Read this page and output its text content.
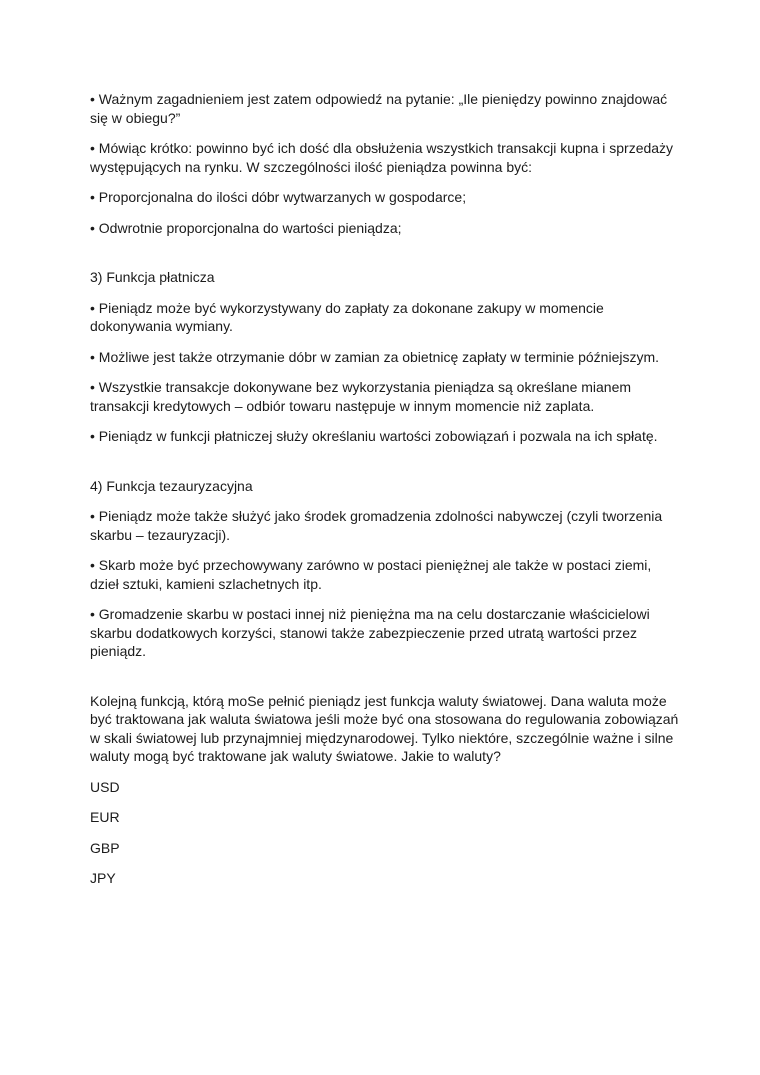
• Ważnym zagadnieniem jest zatem odpowiedź na pytanie: „Ile pieniędzy powinno znajdować się w obiegu?”

• Mówiąc krótko: powinno być ich dość dla obsłużenia wszystkich transakcji kupna i sprzedaży występujących na rynku. W szczególności ilość pieniądza powinna być:

• Proporcjonalna do ilości dóbr wytwarzanych w gospodarce;

• Odwrotnie proporcjonalna do wartości pieniądza;

3) Funkcja płatnicza

• Pieniądz może być wykorzystywany do zapłaty za dokonane zakupy w momencie dokonywania wymiany.

• Możliwe jest także otrzymanie dóbr w zamian za obietnicę zapłaty w terminie późniejszym.

• Wszystkie transakcje dokonywane bez wykorzystania pieniądza są określane mianem transakcji kredytowych – odbiór towaru następuje w innym momencie niż zaplata.

• Pieniądz w funkcji płatniczej służy określaniu wartości zobowiązań i pozwala na ich spłatę.

4) Funkcja tezauryzacyjna

• Pieniądz może także służyć jako środek gromadzenia zdolności nabywczej (czyli tworzenia skarbu – tezauryzacji).

• Skarb może być przechowywany zarówno w postaci pieniężnej ale także w postaci ziemi, dzieł sztuki, kamieni szlachetnych itp.

• Gromadzenie skarbu w postaci innej niż pieniężna ma na celu dostarczanie właścicielowi skarbu dodatkowych korzyści, stanowi także zabezpieczenie przed utratą wartości przez pieniądz.

Kolejną funkcją, którą moSe pełnić pieniądz jest funkcja waluty światowej. Dana waluta może być traktowana jak waluta światowa jeśli może być ona stosowana do regulowania zobowiązań w skali światowej lub przynajmniej międzynarodowej. Tylko niektóre, szczególnie ważne i silne waluty mogą być traktowane jak waluty światowe. Jakie to waluty?

USD

EUR

GBP

JPY
